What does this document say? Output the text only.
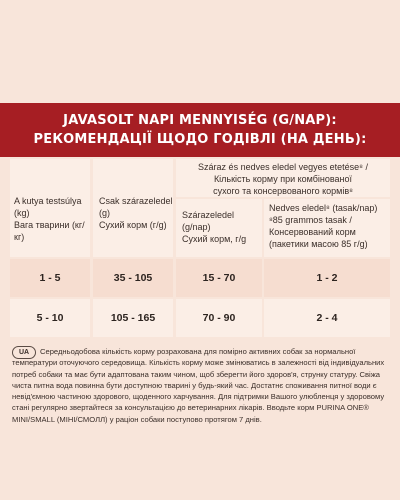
JAVASOLT NAPI MENNYISÉG (G/NAP):
РЕКОМЕНДАЦІЇ ЩОДО ГОДІВЛІ (НА ДЕНЬ):
A kutya testsúlya (kg)
Вага тварини (кг/кг)
Csak szárazeledel (g)
Сухий корм (г/g)
Száraz és nedves eledel vegyes etetése⁸ /
Кількість корму при комбінованої
сухого та консервованого кормів⁸
Szárazeledel (g/nap)
Сухий корм, г/g
Nedves eledel⁸ (tasak/nap)
⁸85 grammos tasak /
Консервований корм
(пакетики масою 85 г/g)
1 - 5	35 - 105	15 - 70	1 - 2
5 - 10	105 - 165	70 - 90	2 - 4
UA	Середньодобова кількість корму розрахована для помірно активних собак за нормальної температури оточуючого середовища. Кількість корму може змінюватись в залежності від індивідуальних потреб собаки та має бути адаптована таким чином, щоб зберегти його здоров'я, струнку статуру. Свіжа чиста питна вода повинна бути доступною тварині у будь-який час. Достатнє споживання питної води є невід'ємною частиною здорового, щоденного харчування. Для підтримки Вашого улюбленця у здоровому стані регулярно звертайтеся за консультацією до ветеринарних лікарів. Вводьте корм PURINA ONE® MINI/SMALL (МІНІ/СМОЛЛ) у раціон собаки поступово протягом 7 днів.
